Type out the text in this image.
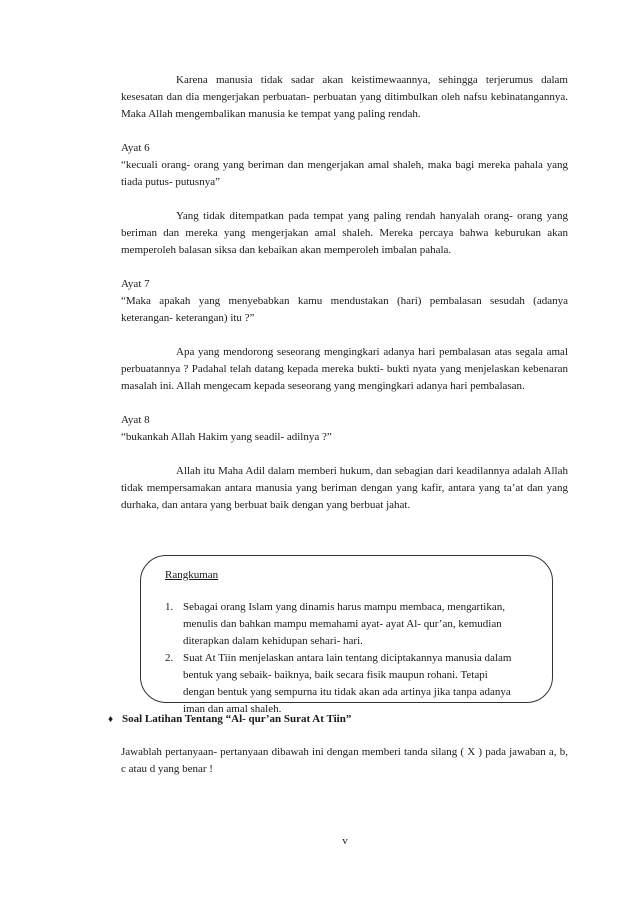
Karena manusia tidak sadar akan keistimewaannya, sehingga terjerumus dalam kesesatan dan dia mengerjakan perbuatan- perbuatan yang ditimbulkan oleh nafsu kebinatangannya. Maka Allah mengembalikan manusia ke tempat yang paling rendah.

Ayat 6

“kecuali orang- orang yang beriman dan mengerjakan amal shaleh, maka bagi mereka pahala yang tiada putus- putusnya”

Yang tidak ditempatkan pada tempat yang paling rendah hanyalah orang- orang yang beriman dan mereka yang mengerjakan amal shaleh. Mereka percaya bahwa keburukan akan memperoleh balasan siksa dan kebaikan akan memperoleh imbalan pahala.

Ayat 7

“Maka apakah yang menyebabkan kamu mendustakan (hari) pembalasan sesudah (adanya keterangan- keterangan) itu ?”

Apa yang mendorong seseorang mengingkari adanya hari pembalasan atas segala amal perbuatannya ? Padahal telah datang kepada mereka bukti- bukti nyata yang menjelaskan kebenaran masalah ini. Allah mengecam kepada seseorang yang mengingkari adanya hari pembalasan.

Ayat 8

“bukankah Allah Hakim yang seadil- adilnya ?”

Allah itu Maha Adil dalam memberi hukum, dan sebagian dari keadilannya adalah Allah tidak mempersamakan antara manusia yang beriman dengan yang kafir, antara yang ta’at dan yang durhaka, dan antara yang berbuat baik dengan yang berbuat jahat.

Rangkuman
1. Sebagai orang Islam yang dinamis harus mampu membaca, mengartikan,
menulis dan bahkan mampu memahami ayat- ayat Al- qur’an, kemudian
diterapkan dalam kehidupan sehari- hari.
2. Suat At Tiin menjelaskan antara lain tentang diciptakannya manusia dalam
bentuk yang sebaik- baiknya, baik secara fisik maupun rohani. Tetapi
dengan bentuk yang sempurna itu tidak akan ada artinya jika tanpa adanya
iman dan amal shaleh.
♦ Soal Latihan Tentang “Al- qur’an Surat At Tiin”

Jawablah pertanyaan- pertanyaan dibawah ini dengan memberi tanda silang ( X ) pada jawaban a, b, c atau d yang benar !

v
